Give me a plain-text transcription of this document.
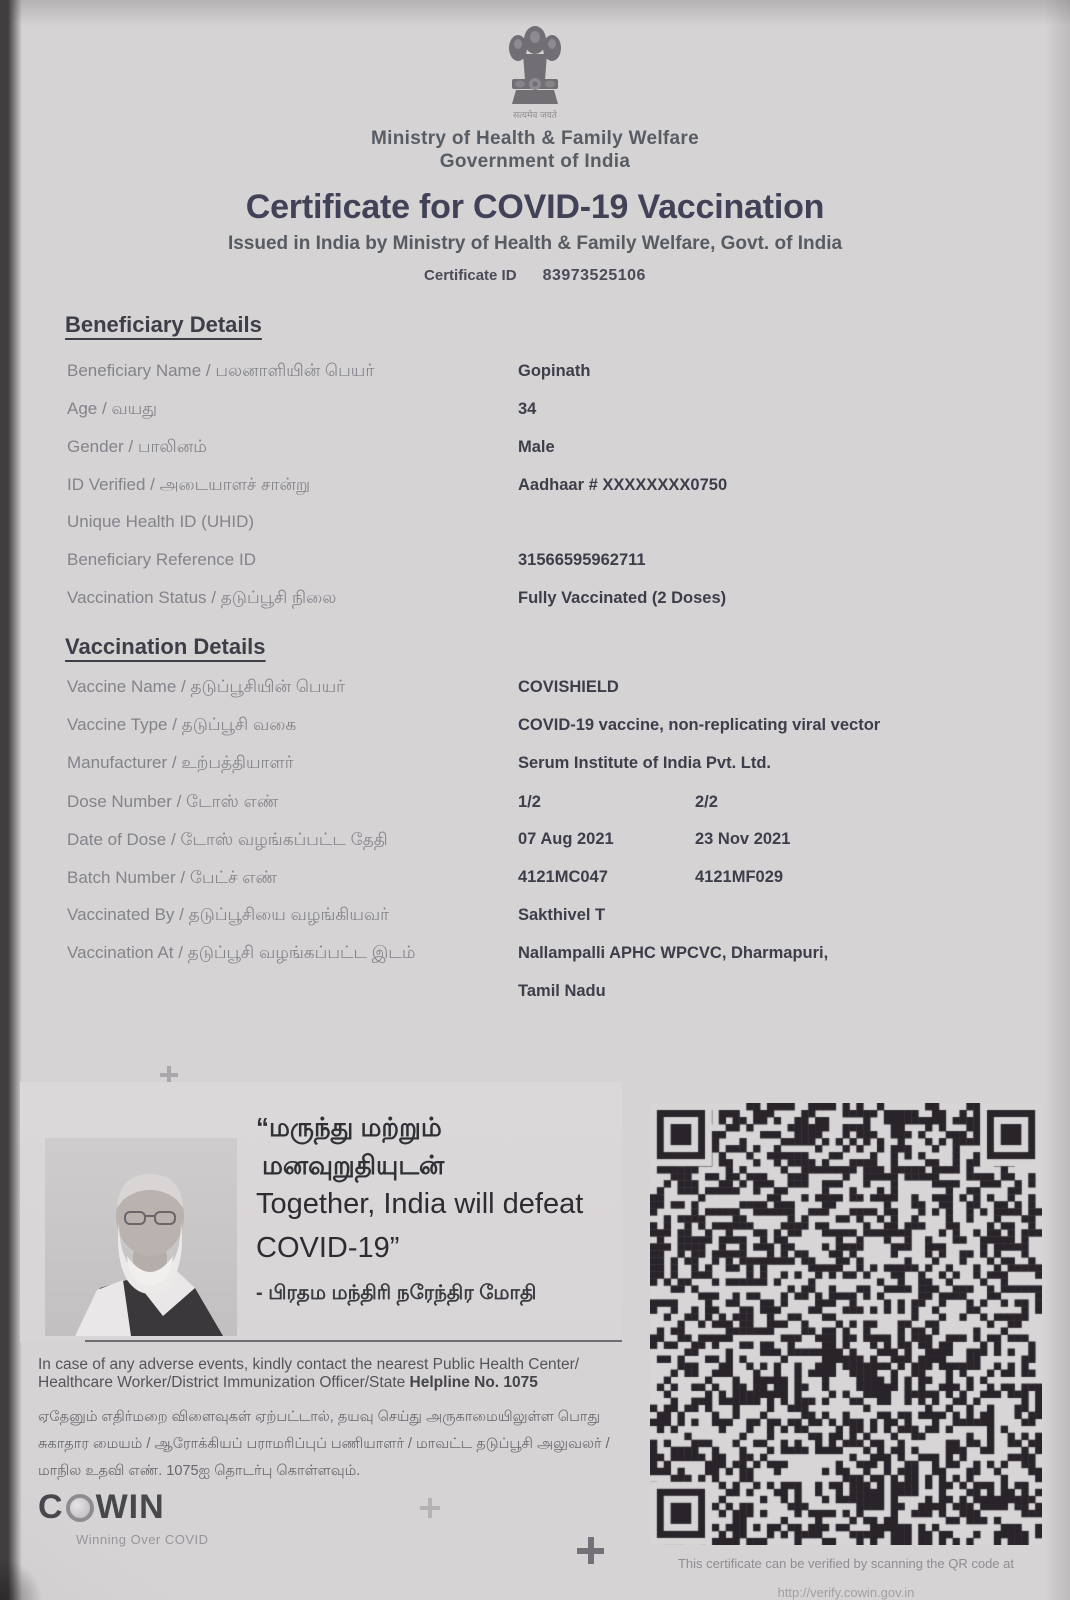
सत्यमेव जयते
Ministry of Health & Family Welfare
Government of India
Certificate for COVID-19 Vaccination
Issued in India by Ministry of Health & Family Welfare, Govt. of India
Certificate ID 83973525106
Beneficiary Details
Beneficiary Name / பலனாளியின் பெயர்	Gopinath
Age / வயது	34
Gender / பாலினம்	Male
ID Verified / அடையாளச் சான்று	Aadhaar # XXXXXXXX0750
Unique Health ID (UHID)
Beneficiary Reference ID	31566595962711
Vaccination Status / தடுப்பூசி நிலை	Fully Vaccinated (2 Doses)
Vaccination Details
Vaccine Name / தடுப்பூசியின் பெயர்	COVISHIELD
Vaccine Type / தடுப்பூசி வகை	COVID-19 vaccine, non-replicating viral vector
Manufacturer / உற்பத்தியாளர்	Serum Institute of India Pvt. Ltd.
Dose Number / டோஸ் எண்	1/2	2/2
Date of Dose / டோஸ் வழங்கப்பட்ட தேதி	07 Aug 2021	23 Nov 2021
Batch Number / பேட்ச் எண்	4121MC047	4121MF029
Vaccinated By / தடுப்பூசியை வழங்கியவர்	Sakthivel T
Vaccination At / தடுப்பூசி வழங்கப்பட்ட இடம்	Nallampalli APHC WPCVC, Dharmapuri,
Tamil Nadu
“மருந்து மற்றும்
மனவுறுதியுடன்
Together, India will defeat
COVID-19”
- பிரதம மந்திரி நரேந்திர மோதி
In case of any adverse events, kindly contact the nearest Public Health Center/
Healthcare Worker/District Immunization Officer/State Helpline No. 1075
ஏதேனும் எதிர்மறை விளைவுகள் ஏற்பட்டால், தயவு செய்து அருகாமையிலுள்ள பொது
சுகாதார மையம் / ஆரோக்கியப் பராமரிப்புப் பணியாளர் / மாவட்ட தடுப்பூசி அலுவலர் /
மாநில உதவி எண். 1075ஐ தொடர்பு கொள்ளவும்.
C WIN
Winning Over COVID
This certificate can be verified by scanning the QR code at
http://verify.cowin.gov.in
